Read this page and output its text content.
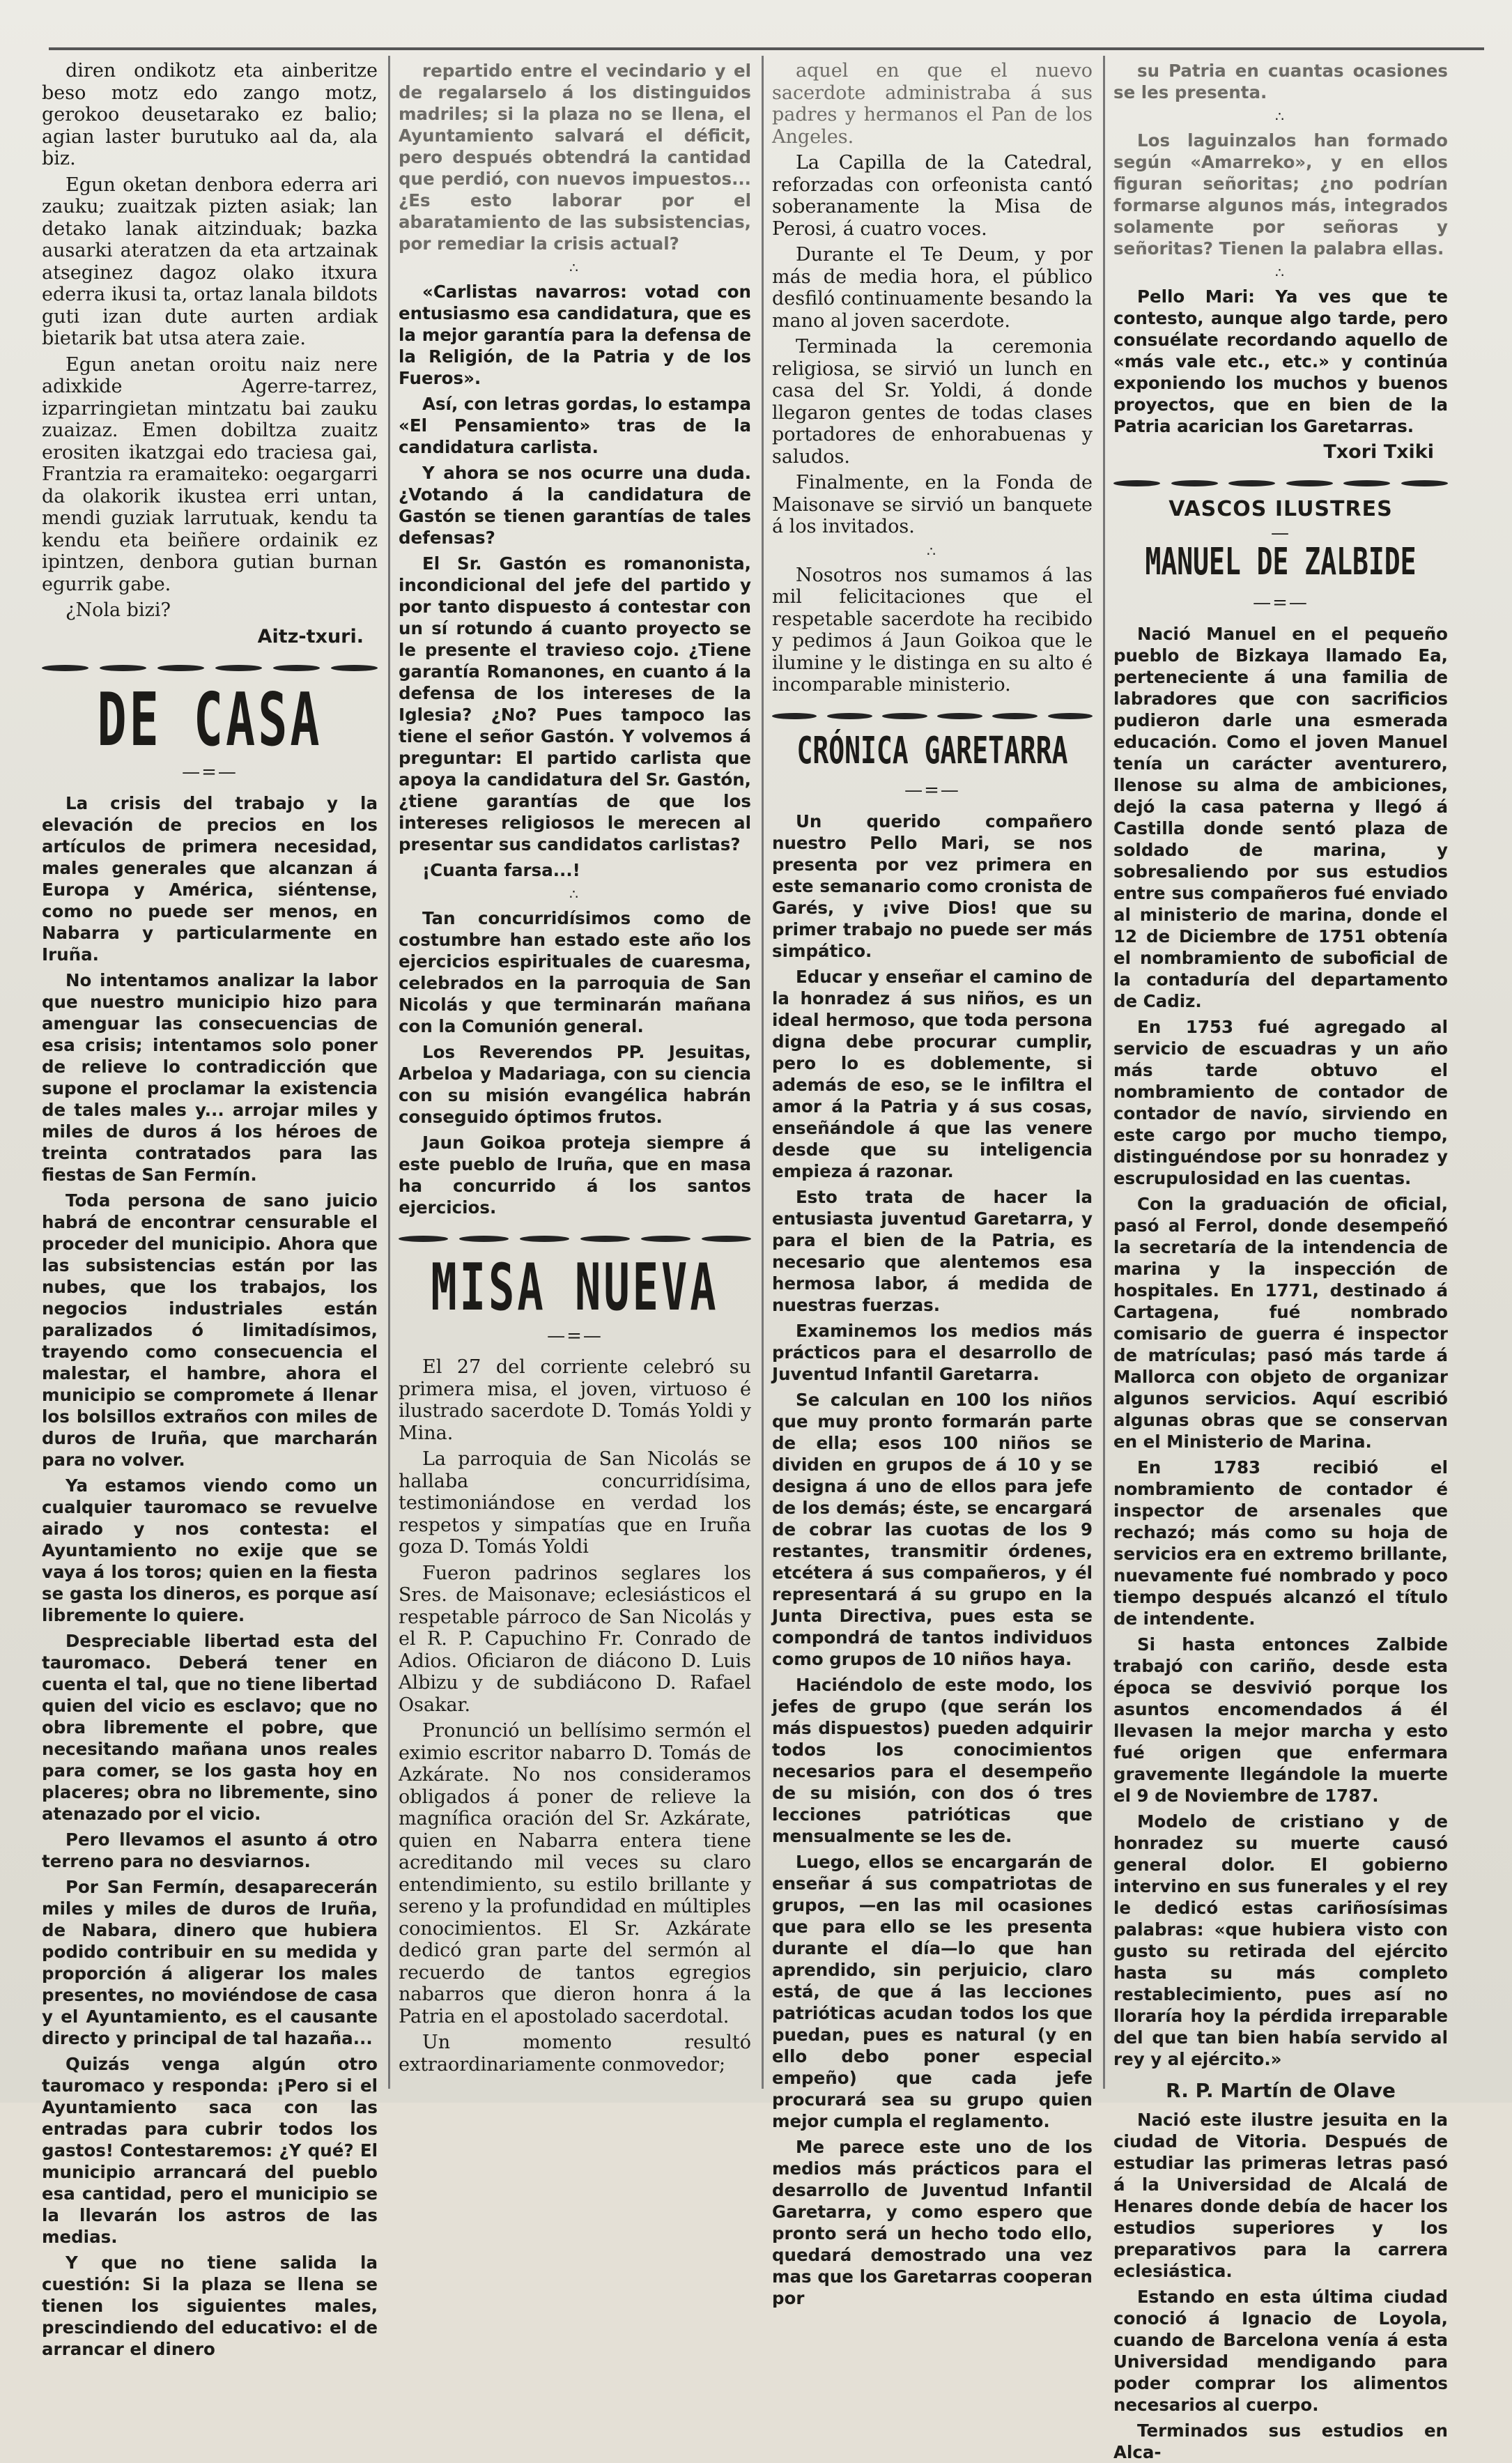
diren ondikotz eta ainberitze beso motz edo zango motz, gerokoo deusetarako ez balio; agian laster burutuko aal da, ala biz.

Egun oketan denbora ederra ari zauku; zuaitzak pizten asiak; lan detako lanak aitzinduak; bazka ausarki ateratzen da eta artzainak atseginez dagoz olako itxura ederra ikusi ta, ortaz lanala bildots guti izan dute aurten ardiak bietarik bat utsa atera zaie.

Egun anetan oroitu naiz nere adixkide Agerre-tarrez, izparringietan mintzatu bai zauku zuaizaz. Emen dobiltza zuaitz erositen ikatzgai edo traciesa gai, Frantzia ra eramaiteko: oegargarri da olakorik ikustea erri untan, mendi guziak larrutuak, kendu ta kendu eta beiñere ordainik ez ipintzen, denbora gutian burnan egurrik gabe.

¿Nola bizi?

Aitz-txuri.
DE CASA
—=—

La crisis del trabajo y la elevación de precios en los artículos de primera necesidad, males generales que alcanzan á Europa y América, siéntense, como no puede ser menos, en Nabarra y particularmente en Iruña.

No intentamos analizar la labor que nuestro municipio hizo para amenguar las consecuencias de esa crisis; intentamos solo poner de relieve lo contradicción que supone el proclamar la existencia de tales males y... arrojar miles y miles de duros á los héroes de treinta contratados para las fiestas de San Fermín.

Toda persona de sano juicio habrá de encontrar censurable el proceder del municipio. Ahora que las subsistencias están por las nubes, que los trabajos, los negocios industriales están paralizados ó limitadísimos, trayendo como consecuencia el malestar, el hambre, ahora el municipio se compromete á llenar los bolsillos extraños con miles de duros de Iruña, que marcharán para no volver.

Ya estamos viendo como un cualquier tauromaco se revuelve airado y nos contesta: el Ayuntamiento no exije que se vaya á los toros; quien en la fiesta se gasta los dineros, es porque así libremente lo quiere.

Despreciable libertad esta del tauromaco. Deberá tener en cuenta el tal, que no tiene libertad quien del vicio es esclavo; que no obra libremente el pobre, que necesitando mañana unos reales para comer, se los gasta hoy en placeres; obra no libremente, sino atenazado por el vicio.

Pero llevamos el asunto á otro terreno para no desviarnos.

Por San Fermín, desaparecerán miles y miles de duros de Iruña, de Nabara, dinero que hubiera podido contribuir en su medida y proporción á aligerar los males presentes, no moviéndose de casa y el Ayuntamiento, es el causante directo y principal de tal hazaña...

Quizás venga algún otro tauromaco y responda: ¡Pero si el Ayuntamiento saca con las entradas para cubrir todos los gastos! Contestaremos: ¿Y qué? El municipio arrancará del pueblo esa cantidad, pero el municipio se la llevarán los astros de las medias.

Y que no tiene salida la cuestión: Si la plaza se llena se tienen los siguientes males, prescindiendo del educativo: el de arrancar el dinero

repartido entre el vecindario y el de regalarselo á los distinguidos madriles; si la plaza no se llena, el Ayuntamiento salvará el déficit, pero después obtendrá la cantidad que perdió, con nuevos impuestos... ¿Es esto laborar por el abaratamiento de las subsistencias, por remediar la crisis actual?

∴

«Carlistas navarros: votad con entusiasmo esa candidatura, que es la mejor garantía para la defensa de la Religión, de la Patria y de los Fueros».

Así, con letras gordas, lo estampa «El Pensamiento» tras de la candidatura carlista.

Y ahora se nos ocurre una duda. ¿Votando á la candidatura de Gastón se tienen garantías de tales defensas?

El Sr. Gastón es romanonista, incondicional del jefe del partido y por tanto dispuesto á contestar con un sí rotundo á cuanto proyecto se le presente el travieso cojo. ¿Tiene garantía Romanones, en cuanto á la defensa de los intereses de la Iglesia? ¿No? Pues tampoco las tiene el señor Gastón. Y volvemos á preguntar: El partido carlista que apoya la candidatura del Sr. Gastón, ¿tiene garantías de que los intereses religiosos le merecen al presentar sus candidatos carlistas?

¡Cuanta farsa...!

∴

Tan concurridísimos como de costumbre han estado este año los ejercicios espirituales de cuaresma, celebrados en la parroquia de San Nicolás y que terminarán mañana con la Comunión general.

Los Reverendos PP. Jesuitas, Arbeloa y Madariaga, con su ciencia con su misión evangélica habrán conseguido óptimos frutos.

Jaun Goikoa proteja siempre á este pueblo de Iruña, que en masa ha concurrido á los santos ejercicios.

MISA NUEVA
—=—

El 27 del corriente celebró su primera misa, el joven, virtuoso é ilustrado sacerdote D. Tomás Yoldi y Mina.

La parroquia de San Nicolás se hallaba concurridísima, testimoniándose en verdad los respetos y simpatías que en Iruña goza D. Tomás Yoldi

Fueron padrinos seglares los Sres. de Maisonave; eclesiásticos el respetable párroco de San Nicolás y el R. P. Capuchino Fr. Conrado de Adios. Oficiaron de diácono D. Luis Albizu y de subdiácono D. Rafael Osakar.

Pronunció un bellísimo sermón el eximio escritor nabarro D. Tomás de Azkárate. No nos consideramos obligados á poner de relieve la magnífica oración del Sr. Azkárate, quien en Nabarra entera tiene acreditando mil veces su claro entendimiento, su estilo brillante y sereno y la profundidad en múltiples conocimientos. El Sr. Azkárate dedicó gran parte del sermón al recuerdo de tantos egregios nabarros que dieron honra á la Patria en el apostolado sacerdotal.

Un momento resultó extraordinariamente conmovedor;

aquel en que el nuevo sacerdote administraba á sus padres y hermanos el Pan de los Angeles.

La Capilla de la Catedral, reforzadas con orfeonista cantó soberanamente la Misa de Perosi, á cuatro voces.

Durante el Te Deum, y por más de media hora, el público desfiló continuamente besando la mano al joven sacerdote.

Terminada la ceremonia religiosa, se sirvió un lunch en casa del Sr. Yoldi, á donde llegaron gentes de todas clases portadores de enhorabuenas y saludos.

Finalmente, en la Fonda de Maisonave se sirvió un banquete á los invitados.

∴

Nosotros nos sumamos á las mil felicitaciones que el respetable sacerdote ha recibido y pedimos á Jaun Goikoa que le ilumine y le distinga en su alto é incomparable ministerio.

CRÓNICA GARETARRA
—=—

Un querido compañero nuestro Pello Mari, se nos presenta por vez primera en este semanario como cronista de Garés, y ¡vive Dios! que su primer trabajo no puede ser más simpático.

Educar y enseñar el camino de la honradez á sus niños, es un ideal hermoso, que toda persona digna debe procurar cumplir, pero lo es doblemente, si además de eso, se le infiltra el amor á la Patria y á sus cosas, enseñándole á que las venere desde que su inteligencia empieza á razonar.

Esto trata de hacer la entusiasta juventud Garetarra, y para el bien de la Patria, es necesario que alentemos esa hermosa labor, á medida de nuestras fuerzas.

Examinemos los medios más prácticos para el desarrollo de Juventud Infantil Garetarra.

Se calculan en 100 los niños que muy pronto formarán parte de ella; esos 100 niños se dividen en grupos de á 10 y se designa á uno de ellos para jefe de los demás; éste, se encargará de cobrar las cuotas de los 9 restantes, transmitir órdenes, etcétera á sus compañeros, y él representará á su grupo en la Junta Directiva, pues esta se compondrá de tantos individuos como grupos de 10 niños haya.

Haciéndolo de este modo, los jefes de grupo (que serán los más dispuestos) pueden adquirir todos los conocimientos necesarios para el desempeño de su misión, con dos ó tres lecciones patrióticas que mensualmente se les de.

Luego, ellos se encargarán de enseñar á sus compatriotas de grupos, —en las mil ocasiones que para ello se les presenta durante el día—lo que han aprendido, sin perjuicio, claro está, de que á las lecciones patrióticas acudan todos los que puedan, pues es natural (y en ello debo poner especial empeño) que cada jefe procurará sea su grupo quien mejor cumpla el reglamento.

Me parece este uno de los medios más prácticos para el desarrollo de Juventud Infantil Garetarra, y como espero que pronto será un hecho todo ello, quedará demostrado una vez mas que los Garetarras cooperan por

su Patria en cuantas ocasiones se les presenta.

∴

Los laguinzalos han formado según «Amarreko», y en ellos figuran señoritas; ¿no podrían formarse algunos más, integrados solamente por señoras y señoritas? Tienen la palabra ellas.

∴

Pello Mari: Ya ves que te contesto, aunque algo tarde, pero consuélate recordando aquello de «más vale etc., etc.» y continúa exponiendo los muchos y buenos proyectos, que en bien de la Patria acarician los Garetarras.

Txori Txiki
VASCOS ILUSTRES
—
MANUEL DE ZALBIDE
—=—

Nació Manuel en el pequeño pueblo de Bizkaya llamado Ea, perteneciente á una familia de labradores que con sacrificios pudieron darle una esmerada educación. Como el joven Manuel tenía un carácter aventurero, llenose su alma de ambiciones, dejó la casa paterna y llegó á Castilla donde sentó plaza de soldado de marina, y sobresaliendo por sus estudios entre sus compañeros fué enviado al ministerio de marina, donde el 12 de Diciembre de 1751 obtenía el nombramiento de suboficial de la contaduría del departamento de Cadiz.

En 1753 fué agregado al servicio de escuadras y un año más tarde obtuvo el nombramiento de contador de contador de navío, sirviendo en este cargo por mucho tiempo, distinguéndose por su honradez y escrupulosidad en las cuentas.

Con la graduación de oficial, pasó al Ferrol, donde desempeñó la secretaría de la intendencia de marina y la inspección de hospitales. En 1771, destinado á Cartagena, fué nombrado comisario de guerra é inspector de matrículas; pasó más tarde á Mallorca con objeto de organizar algunos servicios. Aquí escribió algunas obras que se conservan en el Ministerio de Marina.

En 1783 recibió el nombramiento de contador é inspector de arsenales que rechazó; más como su hoja de servicios era en extremo brillante, nuevamente fué nombrado y poco tiempo después alcanzó el título de intendente.

Si hasta entonces Zalbide trabajó con cariño, desde esta época se desvivió porque los asuntos encomendados á él llevasen la mejor marcha y esto fué origen que enfermara gravemente llegándole la muerte el 9 de Noviembre de 1787.

Modelo de cristiano y de honradez su muerte causó general dolor. El gobierno intervino en sus funerales y el rey le dedicó estas cariñosísimas palabras: «que hubiera visto con gusto su retirada del ejército hasta su más completo restablecimiento, pues así no lloraría hoy la pérdida irreparable del que tan bien había servido al rey y al ejército.»

R. P. Martín de Olave

Nació este ilustre jesuita en la ciudad de Vitoria. Después de estudiar las primeras letras pasó á la Universidad de Alcalá de Henares donde debía de hacer los estudios superiores y los preparativos para la carrera eclesiástica.

Estando en esta última ciudad conoció á Ignacio de Loyola, cuando de Barcelona venía á esta Universidad mendigando para poder comprar los alimentos necesarios al cuerpo.

Terminados sus estudios en Alca-
